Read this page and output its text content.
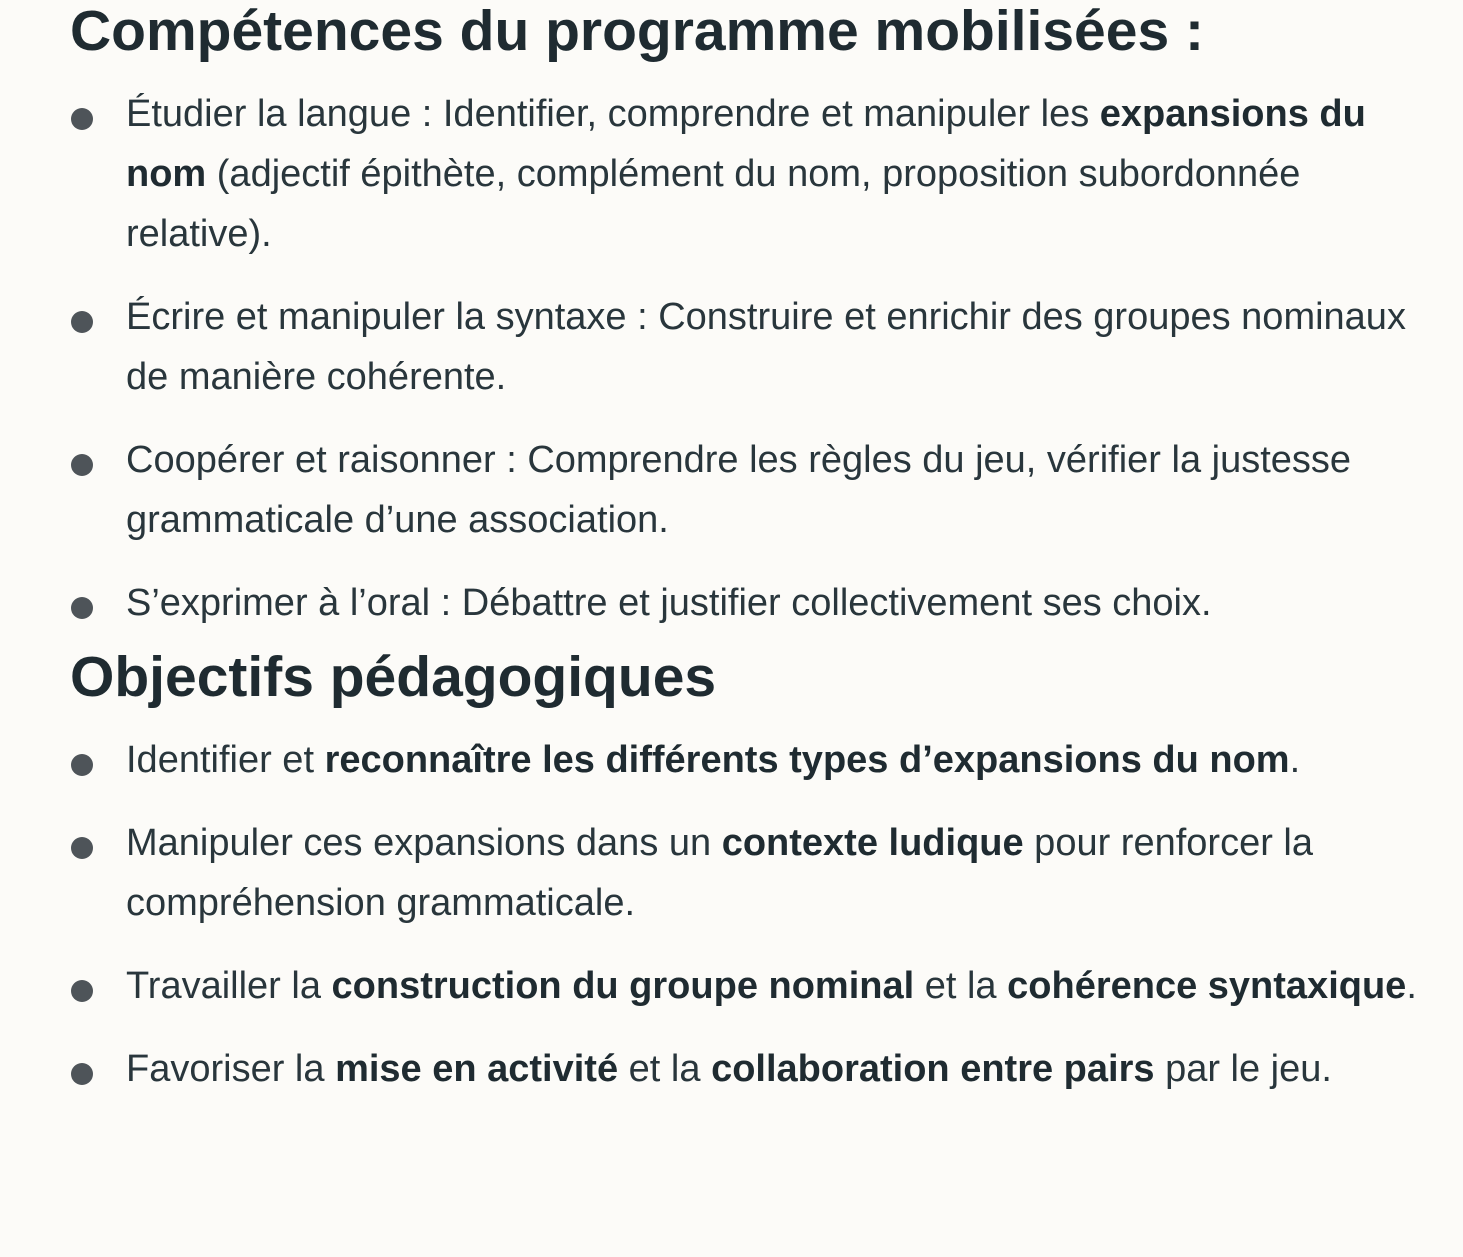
Compétences du programme mobilisées :
Étudier la langue : Identifier, comprendre et manipuler les expansions du nom (adjectif épithète, complément du nom, proposition subordonnée relative).
Écrire et manipuler la syntaxe : Construire et enrichir des groupes nominaux de manière cohérente.
Coopérer et raisonner : Comprendre les règles du jeu, vérifier la justesse grammaticale d’une association.
S’exprimer à l’oral : Débattre et justifier collectivement ses choix.
Objectifs pédagogiques
Identifier et reconnaître les différents types d’expansions du nom.
Manipuler ces expansions dans un contexte ludique pour renforcer la compréhension grammaticale.
Travailler la construction du groupe nominal et la cohérence syntaxique.
Favoriser la mise en activité et la collaboration entre pairs par le jeu.
